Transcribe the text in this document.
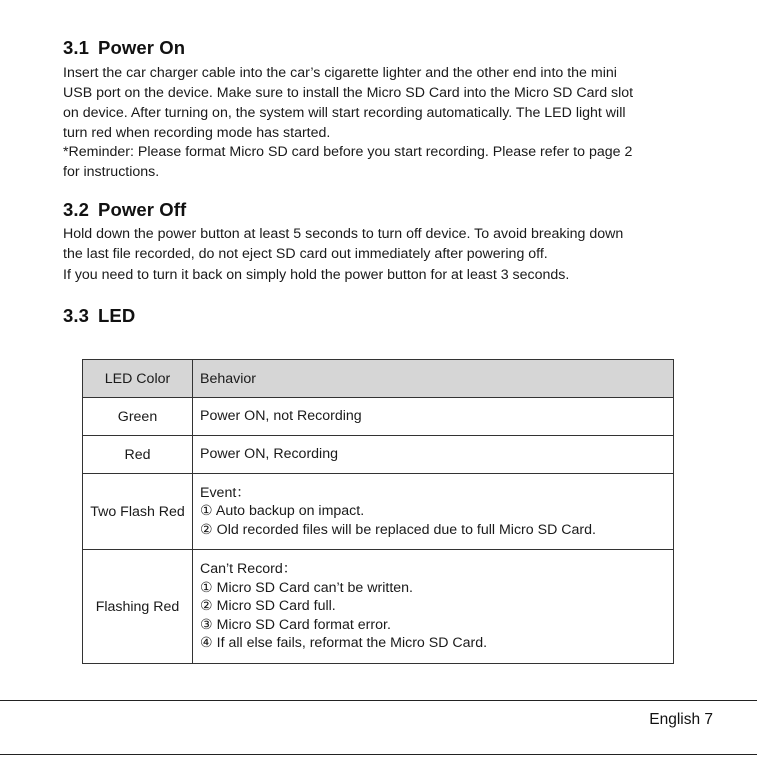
3.1 Power On

Insert the car charger cable into the car’s cigarette lighter and the other end into the mini
USB port on the device. Make sure to install the Micro SD Card into the Micro SD Card slot
on device. After turning on, the system will start recording automatically. The LED light will
turn red when recording mode has started.

*Reminder: Please format Micro SD card before you start recording. Please refer to page 2
for instructions.

3.2 Power Off

Hold down the power button at least 5 seconds to turn off device. To avoid breaking down
the last file recorded, do not eject SD card out immediately after powering off.

If you need to turn it back on simply hold the power button for at least 3 seconds.

3.3 LED
LED Color	Behavior
Green	Power ON, not Recording

Red	Power ON, Recording

Two Flash Red	Event：
① Auto backup on impact.
② Old recorded files will be replaced due to full Micro SD Card.

Flashing Red	Can’t Record：
① Micro SD Card can’t be written.
② Micro SD Card full.
③ Micro SD Card format error.
④ If all else fails, reformat the Micro SD Card.
English 7
